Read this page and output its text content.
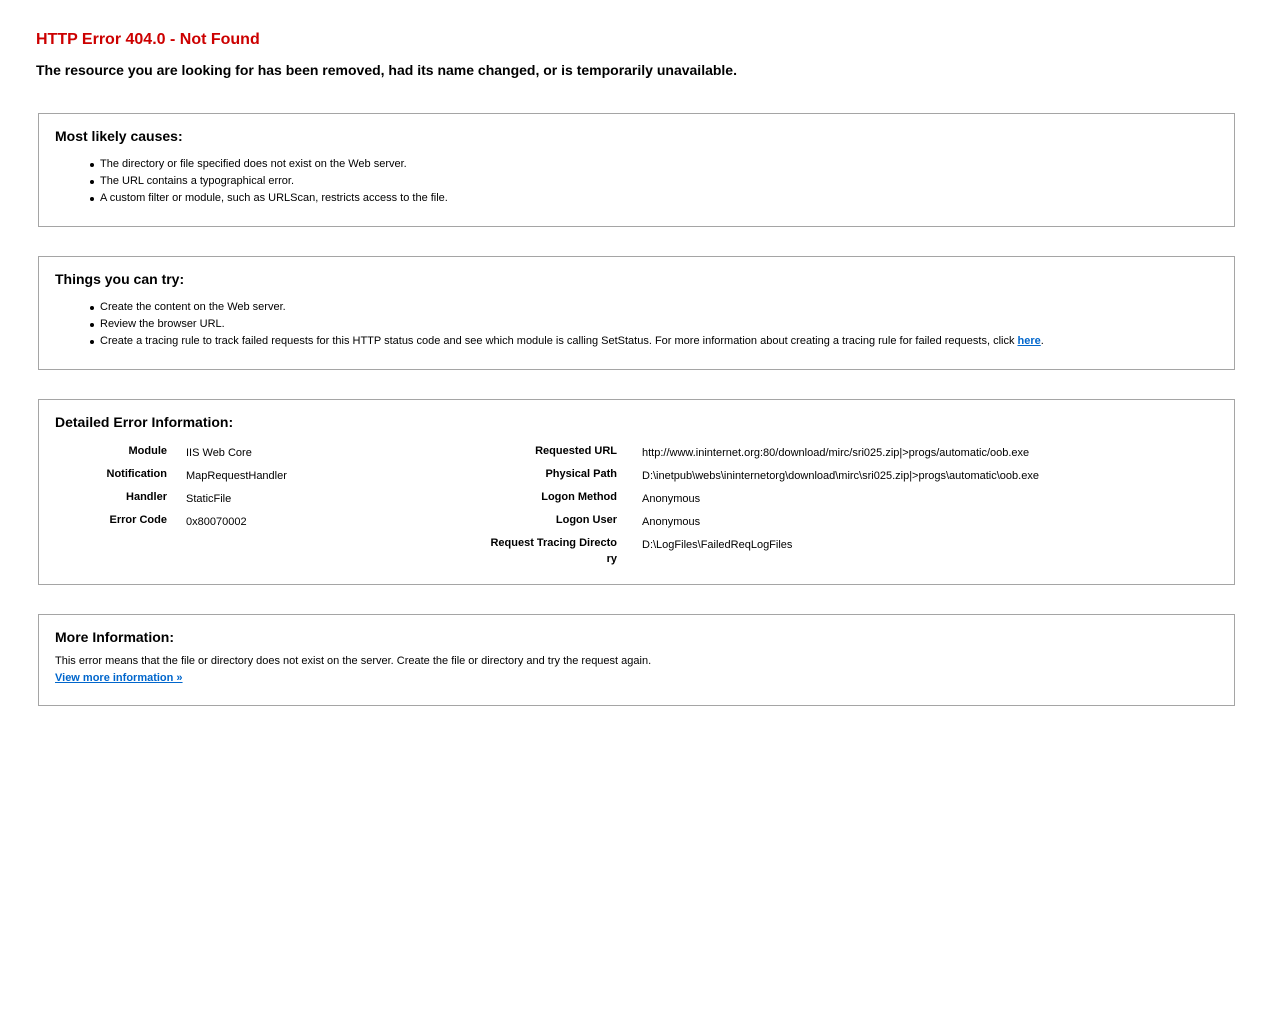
HTTP Error 404.0 - Not Found
The resource you are looking for has been removed, had its name changed, or is temporarily unavailable.
Most likely causes:
The directory or file specified does not exist on the Web server.
The URL contains a typographical error.
A custom filter or module, such as URLScan, restricts access to the file.
Things you can try:
Create the content on the Web server.
Review the browser URL.
Create a tracing rule to track failed requests for this HTTP status code and see which module is calling SetStatus. For more information about creating a tracing rule for failed requests, click here.
Detailed Error Information:
Module IIS Web Core
Notification MapRequestHandler
Handler StaticFile
Error Code 0x80070002
Requested URL http://www.ininternet.org:80/download/mirc/sri025.zip|>progs/automatic/oob.exe
Physical Path D:\inetpub\webs\ininternetorg\download\mirc\sri025.zip|>progs\automatic\oob.exe
Logon Method Anonymous
Logon User Anonymous
Request Tracing Directo
ry
D:\LogFiles\FailedReqLogFiles
More Information:
This error means that the file or directory does not exist on the server. Create the file or directory and try the request again.
View more information »
